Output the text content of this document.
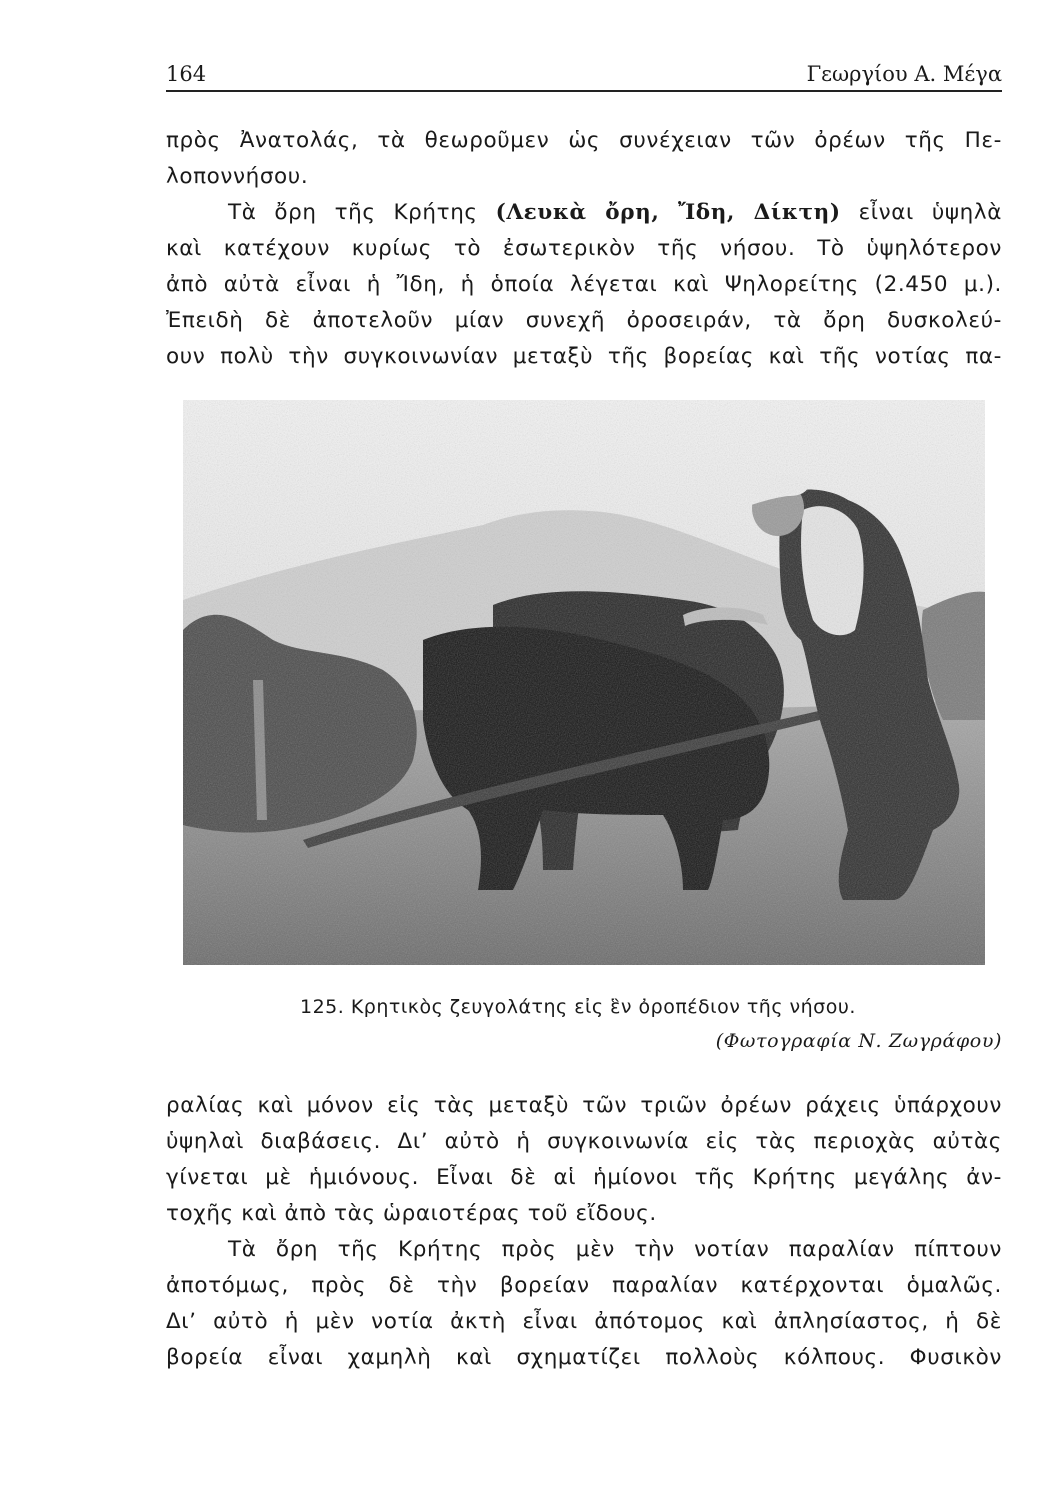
164	Γεωργίου Α. Μέγα

πρὸς Ἀνατολάς, τὰ θεωροῦμεν ὡς συνέχειαν τῶν ὀρέων τῆς Πε-

λοποννήσου.

Τὰ ὄρη τῆς Κρήτης (Λευκὰ ὄρη, Ἴδη, Δίκτη) εἶναι ὑψηλὰ

καὶ κατέχουν κυρίως τὸ ἐσωτερικὸν τῆς νήσου. Τὸ ὑψηλότερον

ἀπὸ αὐτὰ εἶναι ἡ Ἴδη, ἡ ὁποία λέγεται καὶ Ψηλορείτης (2.450 μ.).

Ἐπειδὴ δὲ ἀποτελοῦν μίαν συνεχῆ ὀροσειράν, τὰ ὄρη δυσκολεύ-

ουν πολὺ τὴν συγκοινωνίαν μεταξὺ τῆς βορείας καὶ τῆς νοτίας πα-

125. Κρητικὸς ζευγολάτης εἰς ἓν ὀροπέδιον τῆς νήσου.
(Φωτογραφία Ν. Ζωγράφου)

ραλίας καὶ μόνον εἰς τὰς μεταξὺ τῶν τριῶν ὀρέων ράχεις ὑπάρχουν

ὑψηλαὶ διαβάσεις. Διʼ αὐτὸ ἡ συγκοινωνία εἰς τὰς περιοχὰς αὐτὰς

γίνεται μὲ ἡμιόνους. Εἶναι δὲ αἱ ἡμίονοι τῆς Κρήτης μεγάλης ἀν-

τοχῆς καὶ ἀπὸ τὰς ὡραιοτέρας τοῦ εἴδους.

Τὰ ὄρη τῆς Κρήτης πρὸς μὲν τὴν νοτίαν παραλίαν πίπτουν

ἀποτόμως, πρὸς δὲ τὴν βορείαν παραλίαν κατέρχονται ὁμαλῶς.

Διʼ αὐτὸ ἡ μὲν νοτία ἀκτὴ εἶναι ἀπότομος καὶ ἀπλησίαστος, ἡ δὲ

βορεία εἶναι χαμηλὴ καὶ σχηματίζει πολλοὺς κόλπους. Φυσικὸν
